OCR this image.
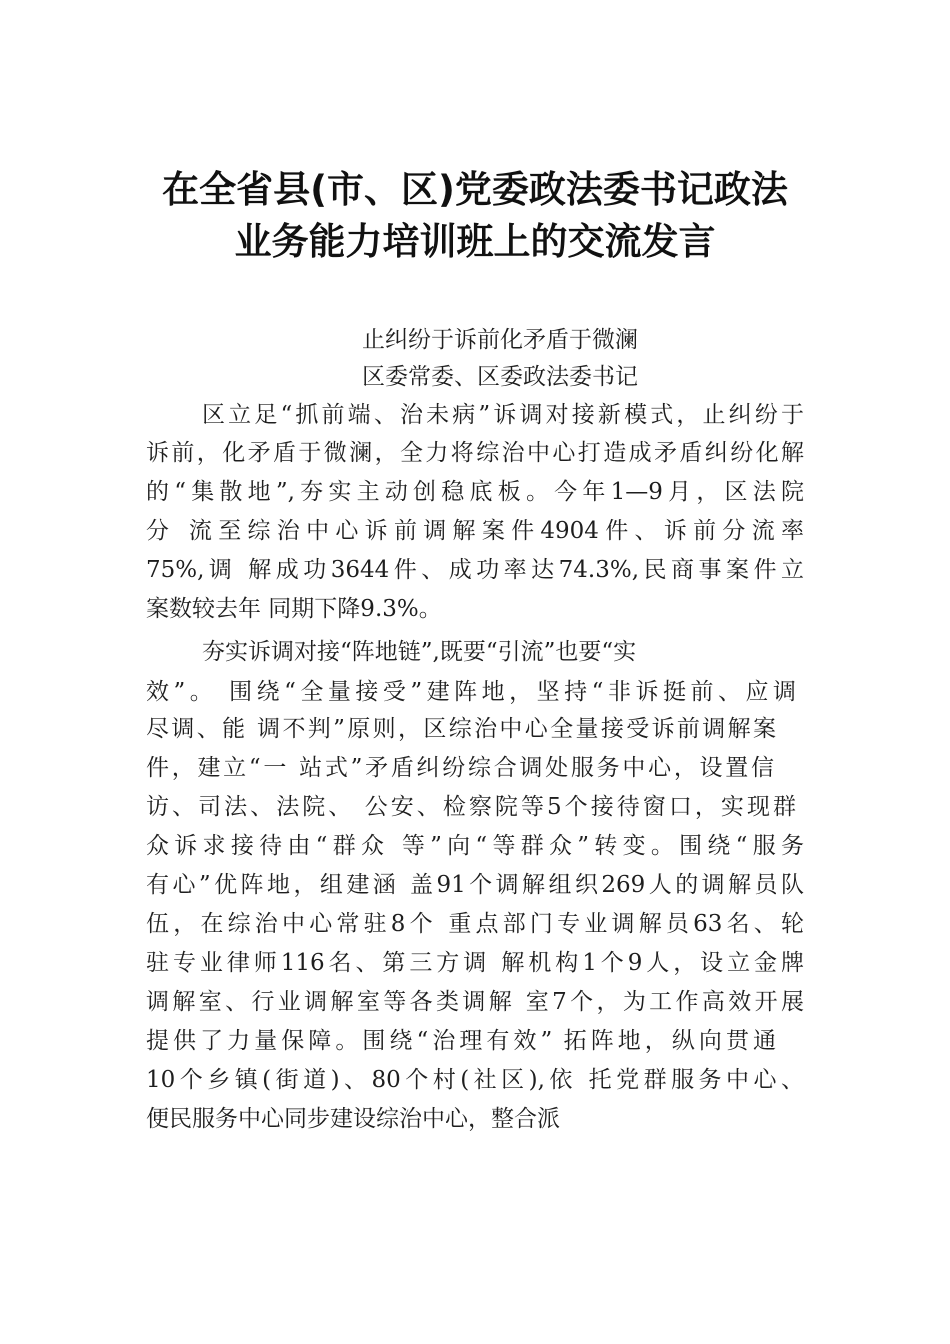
在全省县(市、区)党委政法委书记政法
业务能力培训班上的交流发言
止纠纷于诉前化矛盾于微澜
区委常委、区委政法委书记
区立足“抓前端、治未病”诉调对接新模式，止纠纷于
诉前，化矛盾于微澜，全力将综治中心打造成矛盾纠纷化解
的“集散地”,夯实主动创稳底板。今年1—9月，区法院
分 流至综治中心诉前调解案件4904件、诉前分流率
75%,调 解成功3644件、成功率达74.3%,民商事案件立
案数较去年 同期下降9.3%。
夯实诉调对接“阵地链”,既要“引流”也要“实
效”。 围绕“全量接受”建阵地，坚持“非诉挺前、应调
尽调、能 调不判”原则，区综治中心全量接受诉前调解案
件，建立“一 站式”矛盾纠纷综合调处服务中心，设置信
访、司法、法院、 公安、检察院等5个接待窗口，实现群
众诉求接待由“群众 等”向“等群众”转变。围绕“服务
有心”优阵地，组建涵 盖91个调解组织269人的调解员队
伍，在综治中心常驻8个 重点部门专业调解员63名、轮
驻专业律师116名、第三方调 解机构1个9人，设立金牌
调解室、行业调解室等各类调解 室7个，为工作高效开展
提供了力量保障。围绕“治理有效” 拓阵地，纵向贯通
10个乡镇(街道)、80个村(社区),依 托党群服务中心、
便民服务中心同步建设综治中心，整合派
